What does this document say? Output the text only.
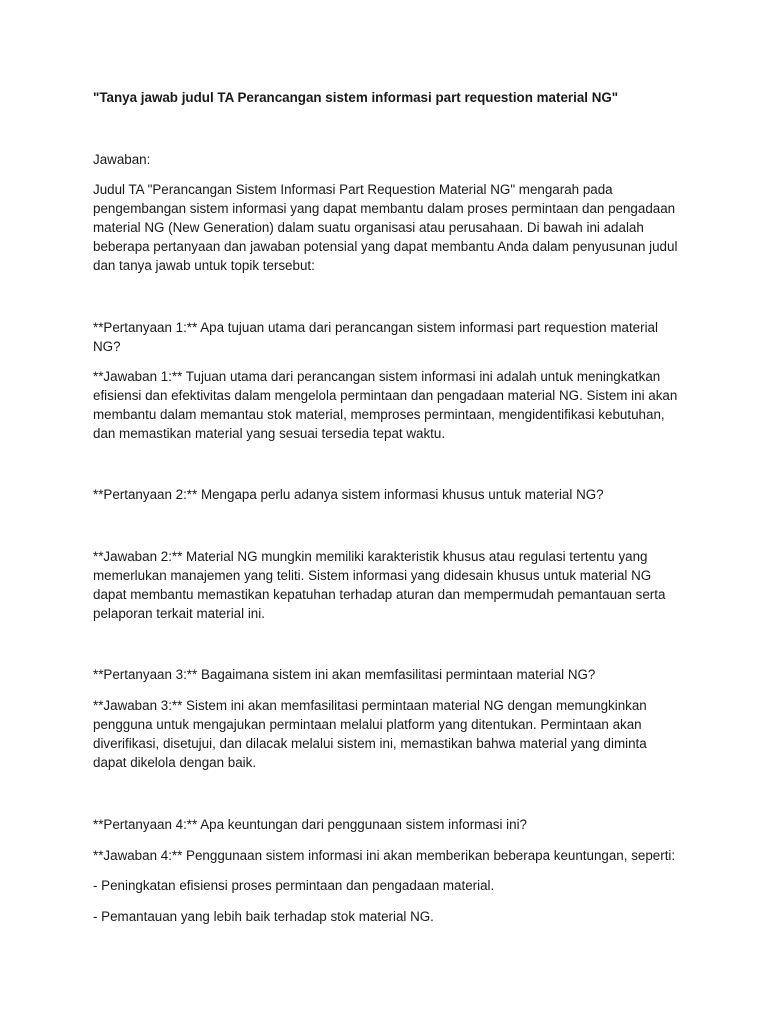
"Tanya jawab judul TA Perancangan sistem informasi part requestion material NG"

Jawaban:

Judul TA "Perancangan Sistem Informasi Part Requestion Material NG" mengarah pada pengembangan sistem informasi yang dapat membantu dalam proses permintaan dan pengadaan material NG (New Generation) dalam suatu organisasi atau perusahaan. Di bawah ini adalah beberapa pertanyaan dan jawaban potensial yang dapat membantu Anda dalam penyusunan judul dan tanya jawab untuk topik tersebut:

**Pertanyaan 1:** Apa tujuan utama dari perancangan sistem informasi part requestion material NG?

**Jawaban 1:** Tujuan utama dari perancangan sistem informasi ini adalah untuk meningkatkan efisiensi dan efektivitas dalam mengelola permintaan dan pengadaan material NG. Sistem ini akan membantu dalam memantau stok material, memproses permintaan, mengidentifikasi kebutuhan, dan memastikan material yang sesuai tersedia tepat waktu.

**Pertanyaan 2:** Mengapa perlu adanya sistem informasi khusus untuk material NG?

**Jawaban 2:** Material NG mungkin memiliki karakteristik khusus atau regulasi tertentu yang memerlukan manajemen yang teliti. Sistem informasi yang didesain khusus untuk material NG dapat membantu memastikan kepatuhan terhadap aturan dan mempermudah pemantauan serta pelaporan terkait material ini.

**Pertanyaan 3:** Bagaimana sistem ini akan memfasilitasi permintaan material NG?

**Jawaban 3:** Sistem ini akan memfasilitasi permintaan material NG dengan memungkinkan pengguna untuk mengajukan permintaan melalui platform yang ditentukan. Permintaan akan diverifikasi, disetujui, dan dilacak melalui sistem ini, memastikan bahwa material yang diminta dapat dikelola dengan baik.

**Pertanyaan 4:** Apa keuntungan dari penggunaan sistem informasi ini?

**Jawaban 4:** Penggunaan sistem informasi ini akan memberikan beberapa keuntungan, seperti:

- Peningkatan efisiensi proses permintaan dan pengadaan material.

- Pemantauan yang lebih baik terhadap stok material NG.
